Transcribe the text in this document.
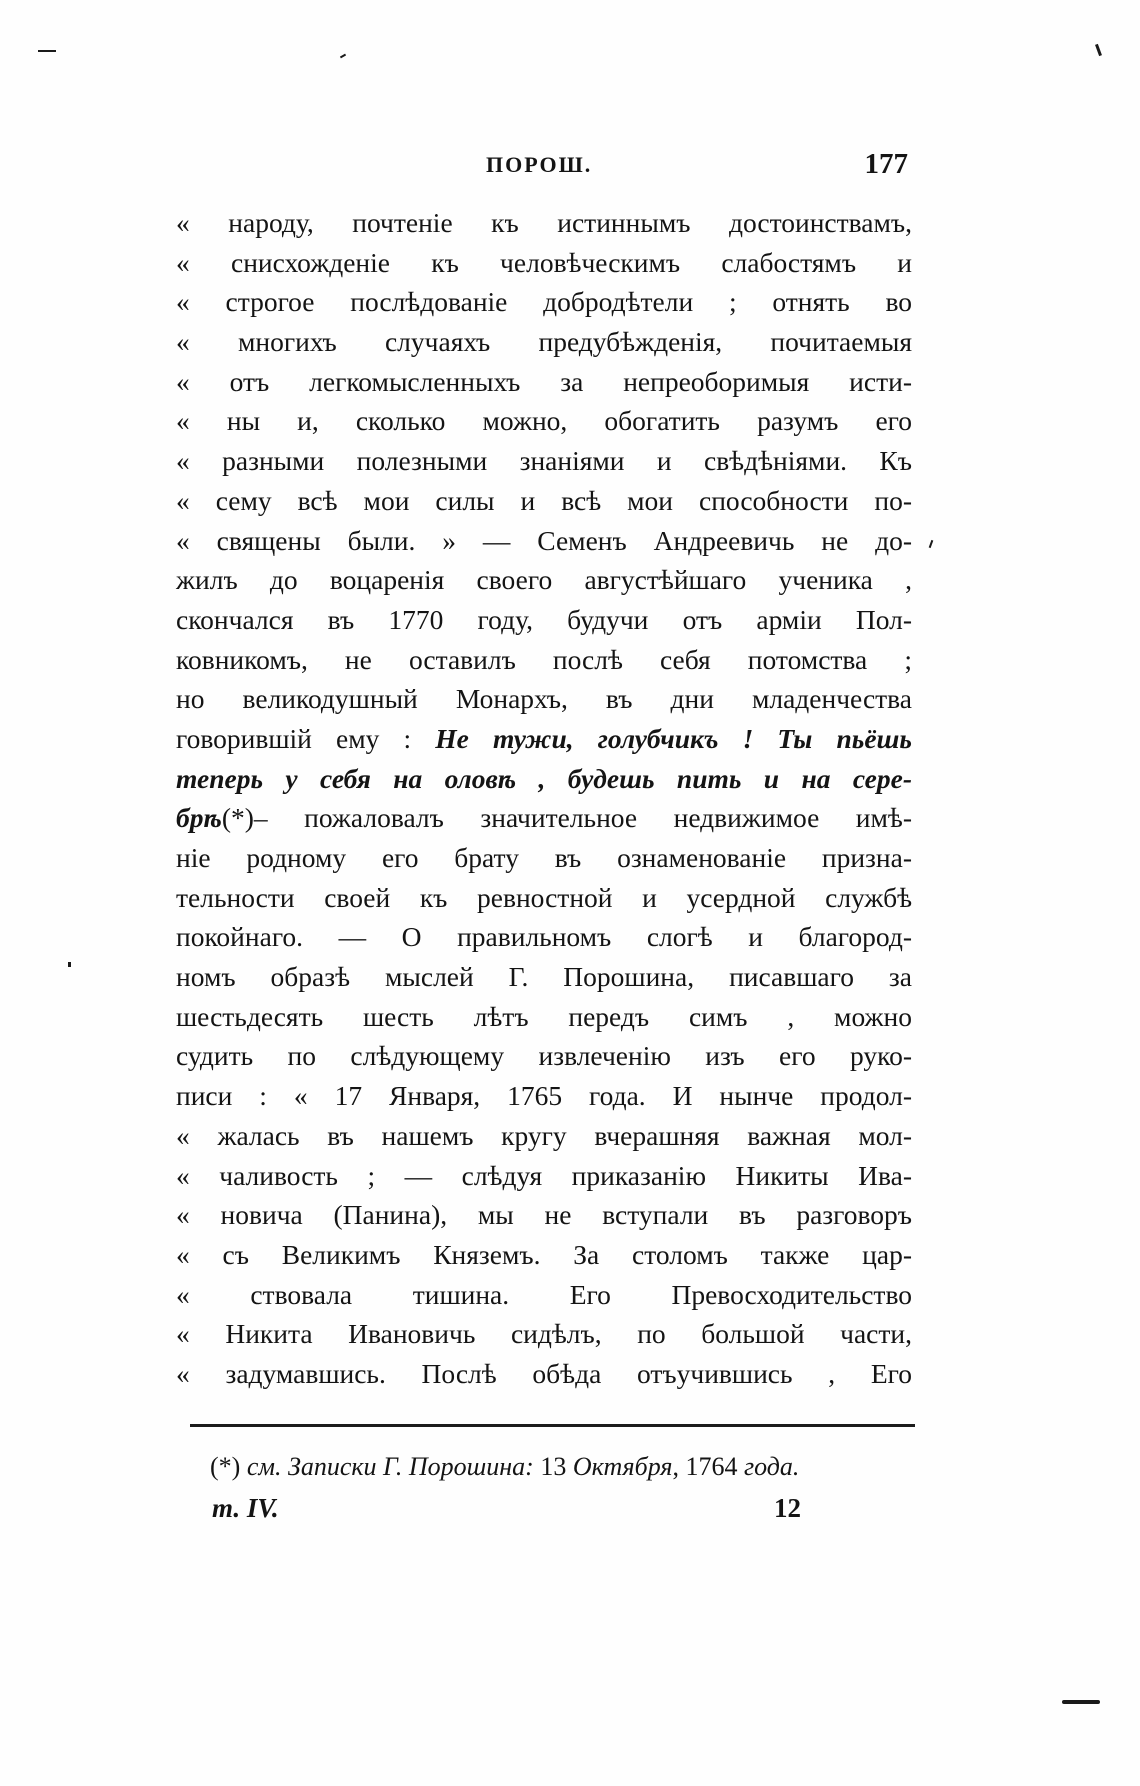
ПОРОШ.	177
« народу, почтеніе къ истиннымъ достоинствамъ,
« снисхожденіе къ человѣческимъ слабостямъ и
« строгое послѣдованіе добродѣтели ; отнять во
« многихъ случаяхъ предубѣжденія, почитаемыя
« отъ легкомысленныхъ за непреоборимыя исти-
« ны и, сколько можно, обогатить разумъ его
« разными полезными знаніями и свѣдѣніями. Къ
« сему всѣ мои силы и всѣ мои способности по-
« священы были. » — Семенъ Андреевичь не до-
жилъ до воцаренія своего августѣйшаго ученика ,
скончался въ 1770 году, будучи отъ арміи Пол-
ковникомъ, не оставилъ послѣ себя потомства ;
но великодушный Монархъ, въ дни младенчества
говорившій ему : Не тужи, голубчикъ ! Ты пьёшь
теперь у себя на оловѣ , будешь пить и на сере-
брѣ(*)– пожаловалъ значительное недвижимое имѣ-
ніе родному его брату въ ознаменованіе призна-
тельности своей къ ревностной и усердной службѣ
покойнаго. — О правильномъ слогѣ и благород-
номъ образѣ мыслей Г. Порошина, писавшаго за
шестьдесять шесть лѣтъ передъ симъ , можно
судить по слѣдующему извлеченію изъ его руко-
писи : « 17 Января, 1765 года. И нынче продол-
« жалась въ нашемъ кругу вчерашняя важная мол-
« чаливость ; — слѣдуя приказанію Никиты Ива-
« новича (Панина), мы не вступали въ разговоръ
« съ Великимъ Княземъ. За столомъ также цар-
« ствовала тишина. Его Превосходительство
« Никита Ивановичь сидѣлъ, по большой части,
« задумавшись. Послѣ обѣда отъучившись , Его
(*) см. Записки Г. Порошина: 13 Октября, 1764 года.
т. IV.	12
